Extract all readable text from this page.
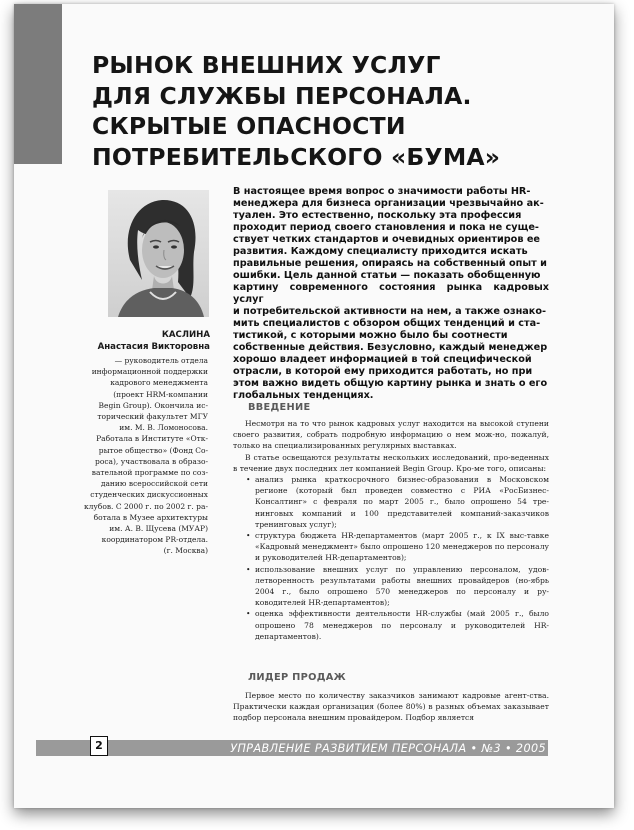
РЫНОК ВНЕШНИХ УСЛУГ
ДЛЯ СЛУЖБЫ ПЕРСОНАЛА.
СКРЫТЫЕ ОПАСНОСТИ
ПОТРЕБИТЕЛЬСКОГО «БУМА»
КАСЛИНА
Анастасия Викторовна
— руководитель отдела
информационной поддержки
кадрового менеджмента
(проект HRM-компании
Begin Group). Окончила ис-
торический факультет МГУ
им. М. В. Ломоносова.
Работала в Институте «Отк-
рытое общество» (Фонд Со-
роса), участвовала в образо-
вательной программе по соз-
данию всероссийской сети
студенческих дискуссионных
клубов. С 2000 г. по 2002 г. ра-
ботала в Музее архитектуры
им. А. В. Щусева (МУАР)
координатором PR-отдела.
(г. Москва)
В настоящее время вопрос о значимости работы HR-
менеджера для бизнеса организации чрезвычайно ак-
туален. Это естественно, поскольку эта профессия
проходит период своего становления и пока не суще-
ствует четких стандартов и очевидных ориентиров ее
развития. Каждому специалисту приходится искать
правильные решения, опираясь на собственный опыт и
ошибки. Цель данной статьи — показать обобщенную
картину современного состояния рынка кадровых услуг
и потребительской активности на нем, а также ознако-
мить специалистов с обзором общих тенденций и ста-
тистикой, с которыми можно было бы соотнести
собственные действия. Безусловно, каждый менеджер
хорошо владеет информацией в той специфической
отрасли, в которой ему приходится работать, но при
этом важно видеть общую картину рынка и знать о его
глобальных тенденциях.
ВВЕДЕНИЕ

Несмотря на то что рынок кадровых услуг находится на высокой ступени своего развития, собрать подробную информацию о нем мож-но, пожалуй, только на специализированных регулярных выставках.

В статье освещаются результаты нескольких исследований, про-веденных в течение двух последних лет компанией Begin Group. Кро-ме того, описаны:

• анализ рынка краткосрочного бизнес-образования в Московском регионе (который был проведен совместно с РИА «РосБизнес-Консалтинг» с февраля по март 2005 г., было опрошено 54 тре-нинговых компаний и 100 представителей компаний-заказчиков тренинговых услуг);
• структура бюджета HR-департаментов (март 2005 г., к IX выс-тавке «Кадровый менеджмент» было опрошено 120 менеджеров по персоналу и руководителей HR-департаментов);
• использование внешних услуг по управлению персоналом, удов-летворенность результатами работы внешних провайдеров (но-ябрь 2004 г., было опрошено 570 менеджеров по персоналу и ру-ководителей HR-департаментов);
• оценка эффективности деятельности HR-службы (май 2005 г., было опрошено 78 менеджеров по персоналу и руководителей HR-департаментов).
ЛИДЕР ПРОДАЖ

Первое место по количеству заказчиков занимают кадровые агент-ства. Практически каждая организация (более 80%) в разных объемах заказывает подбор персонала внешним провайдером. Подбор является

2	УПРАВЛЕНИЕ РАЗВИТИЕМ ПЕРСОНАЛА • №3 • 2005
